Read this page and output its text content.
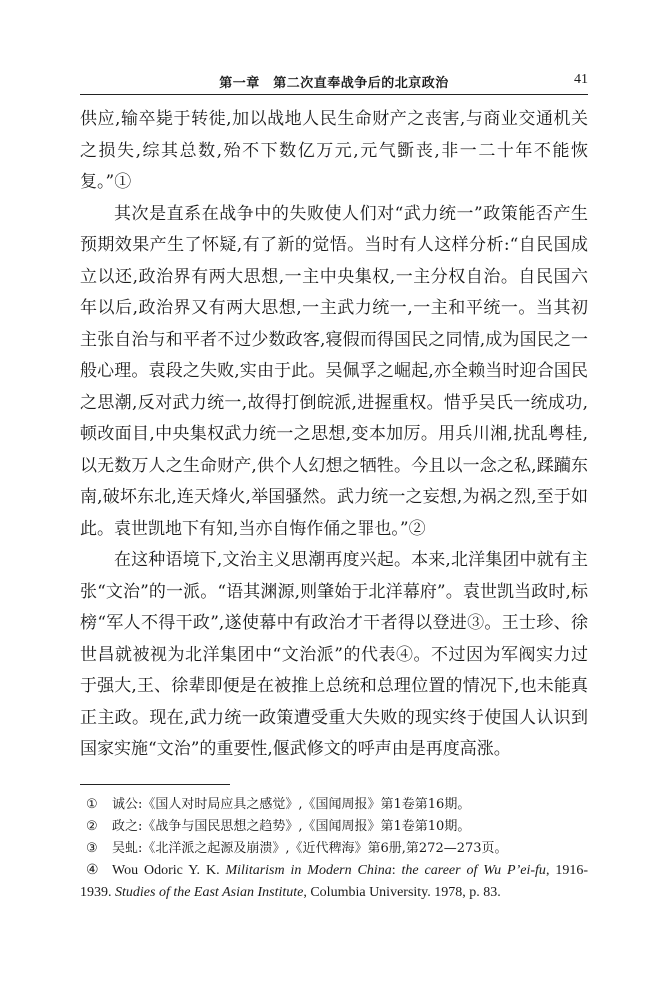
第一章　第二次直奉战争后的北京政治	41

供应,输卒毙于转徙,加以战地人民生命财产之丧害,与商业交通机关之损失,综其总数,殆不下数亿万元,元气斵丧,非一二十年不能恢复。”①

其次是直系在战争中的失败使人们对“武力统一”政策能否产生预期效果产生了怀疑,有了新的觉悟。当时有人这样分析:“自民国成立以还,政治界有两大思想,一主中央集权,一主分权自治。自民国六年以后,政治界又有两大思想,一主武力统一,一主和平统一。当其初主张自治与和平者不过少数政客,寝假而得国民之同情,成为国民之一般心理。袁段之失败,实由于此。吴佩孚之崛起,亦全赖当时迎合国民之思潮,反对武力统一,故得打倒皖派,进握重权。惜乎吴氏一统成功,顿改面目,中央集权武力统一之思想,变本加厉。用兵川湘,扰乱粤桂,以无数万人之生命财产,供个人幻想之牺牲。今且以一念之私,蹂躏东南,破坏东北,连天烽火,举国骚然。武力统一之妄想,为祸之烈,至于如此。袁世凯地下有知,当亦自悔作俑之罪也。”②

在这种语境下,文治主义思潮再度兴起。本来,北洋集团中就有主张“文治”的一派。“语其渊源,则肇始于北洋幕府”。袁世凯当政时,标榜“军人不得干政”,遂使幕中有政治才干者得以登进③。王士珍、徐世昌就被视为北洋集团中“文治派”的代表④。不过因为军阀实力过于强大,王、徐辈即便是在被推上总统和总理位置的情况下,也未能真正主政。现在,武力统一政策遭受重大失败的现实终于使国人认识到国家实施“文治”的重要性,偃武修文的呼声由是再度高涨。

① 诚公:《国人对时局应具之感觉》,《国闻周报》第1卷第16期。

② 政之:《战争与国民思想之趋势》,《国闻周报》第1卷第10期。

③ 吴虬:《北洋派之起源及崩溃》,《近代稗海》第6册,第272—273页。

④ Wou Odoric Y. K. Militarism in Modern China: the career of Wu P’ei-fu, 1916-1939. Studies of the East Asian Institute, Columbia University. 1978, p. 83.
